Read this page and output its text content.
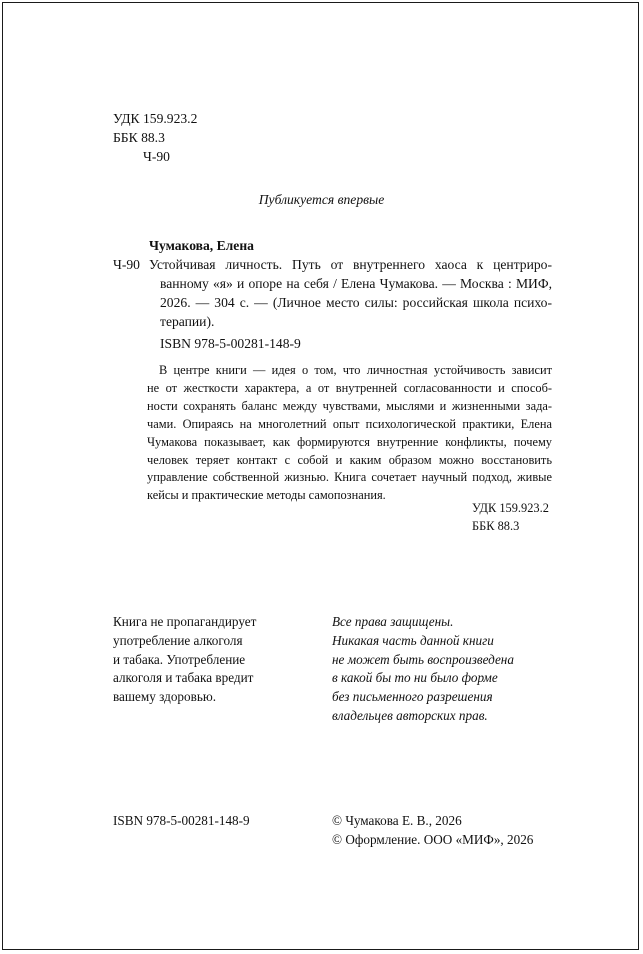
УДК 159.923.2
ББК 88.3
Ч-90
Публикуется впервые
Чумакова, Елена
Ч-90 Устойчивая личность. Путь от внутреннего хаоса к центриро-
ванному «я» и опоре на себя / Елена Чумакова. — Москва : МИФ,
2026. — 304 с. — (Личное место силы: российская школа психо-
терапии).
ISBN 978-5-00281-148-9
В центре книги — идея о том, что личностная устойчивость зависит
не от жесткости характера, а от внутренней согласованности и способ-
ности сохранять баланс между чувствами, мыслями и жизненными зада-
чами. Опираясь на многолетний опыт психологической практики, Елена
Чумакова показывает, как формируются внутренние конфликты, почему
человек теряет контакт с собой и каким образом можно восстановить
управление собственной жизнью. Книга сочетает научный подход, живые
кейсы и практические методы самопознания.
УДК 159.923.2
ББК 88.3
Книга не пропагандирует
употребление алкоголя
и табака. Употребление
алкоголя и табака вредит
вашему здоровью.
Все права защищены.
Никакая часть данной книги
не может быть воспроизведена
в какой бы то ни было форме
без письменного разрешения
владельцев авторских прав.
ISBN 978-5-00281-148-9	© Чумакова Е. В., 2026
© Оформление. ООО «МИФ», 2026
